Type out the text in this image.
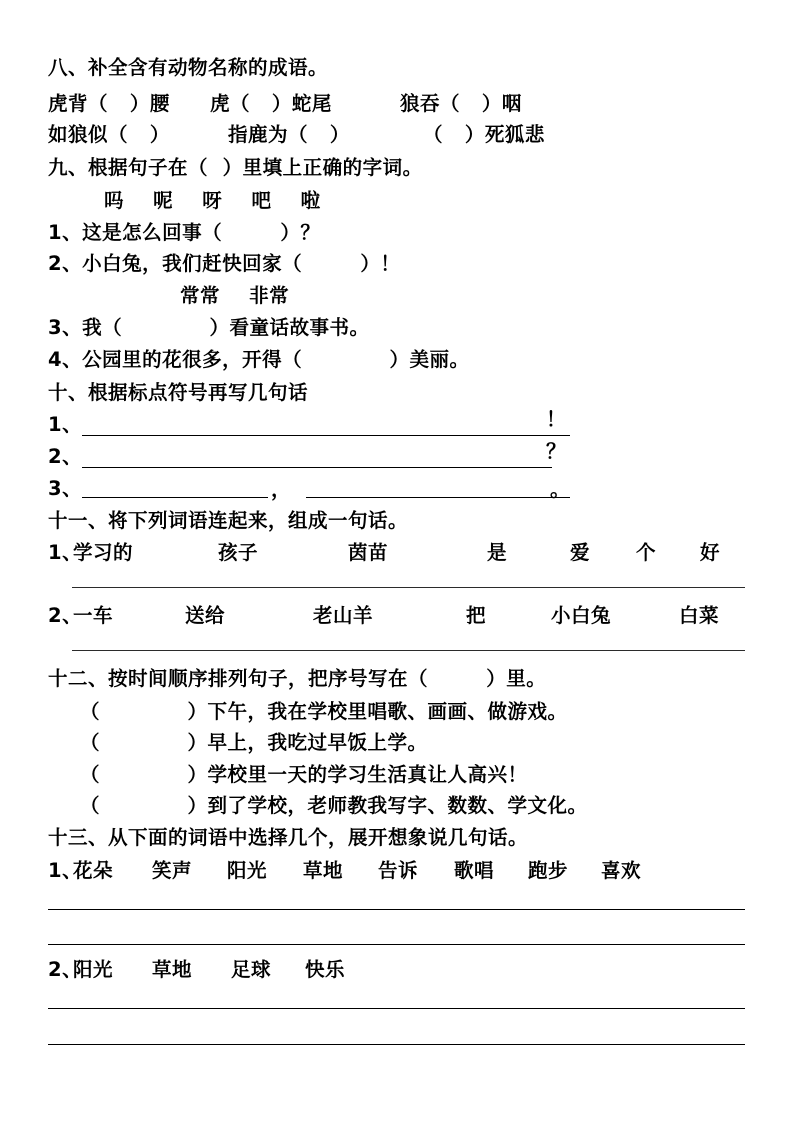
八、补全含有动物名称的成语。
虎背（   ）腰 虎（   ）蛇尾	狼吞（   ）咽
如狼似（   ）	指鹿为（   ）	（   ）死狐悲
九、根据句子在（  ）里填上正确的字词。
吗    呢    呀    吧    啦
1、这是怎么回事（        ）？
2、小白兔，我们赶快回家（        ）！
常常    非常
3、我（            ）看童话故事书。
4、公园里的花很多，开得（            ）美丽。
十、根据标点符号再写几句话
1、	！
2、	？
3、	，	。
十一、将下列词语连起来，组成一句话。
1、
学习的	孩子	茵苗	是	爱 个 好
2、
一车	送给	老山羊	把	小白兔	白菜
十二、按时间顺序排列句子，把序号写在（        ）里。
（            ）下午，我在学校里唱歌、画画、做游戏。
（            ）早上，我吃过早饭上学。
（            ）学校里一天的学习生活真让人高兴！
（            ）到了学校，老师教我写字、数数、学文化。
十三、从下面的词语中选择几个，展开想象说几句话。
1、
花朵 笑声 阳光 草地 告诉 歌唱 跑步 喜欢
2、
阳光 草地 足球 快乐
